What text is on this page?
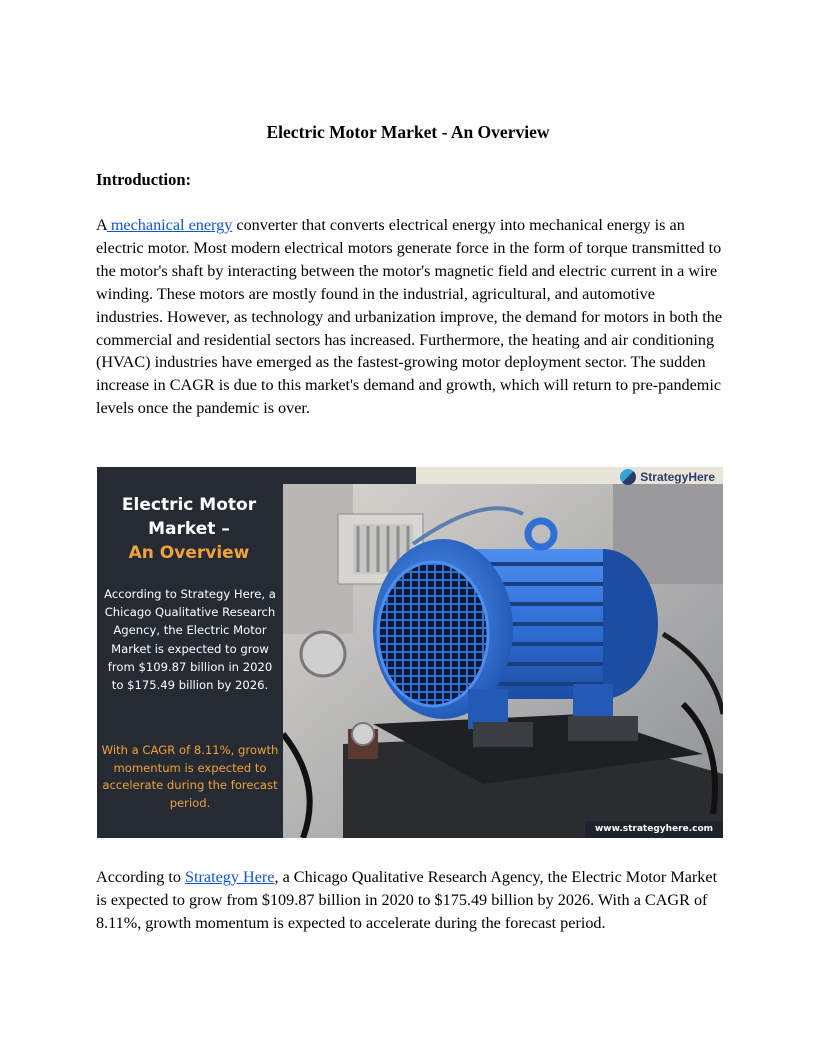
Electric Motor Market - An Overview
Introduction:

A mechanical energy converter that converts electrical energy into mechanical energy is an electric motor. Most modern electrical motors generate force in the form of torque transmitted to the motor's shaft by interacting between the motor's magnetic field and electric current in a wire winding. These motors are mostly found in the industrial, agricultural, and automotive industries. However, as technology and urbanization improve, the demand for motors in both the commercial and residential sectors has increased. Furthermore, the heating and air conditioning (HVAC) industries have emerged as the fastest-growing motor deployment sector. The sudden increase in CAGR is due to this market's demand and growth, which will return to pre-pandemic levels once the pandemic is over.

Electric Motor
Market –
An Overview
According to Strategy Here, a Chicago Qualitative Research Agency, the Electric Motor Market is expected to grow from $109.87 billion in 2020 to $175.49 billion by 2026.
With a CAGR of 8.11%, growth momentum is expected to accelerate during the forecast period.
StrategyHere
www.strategyhere.com

According to Strategy Here, a Chicago Qualitative Research Agency, the Electric Motor Market is expected to grow from $109.87 billion in 2020 to $175.49 billion by 2026. With a CAGR of 8.11%, growth momentum is expected to accelerate during the forecast period.
